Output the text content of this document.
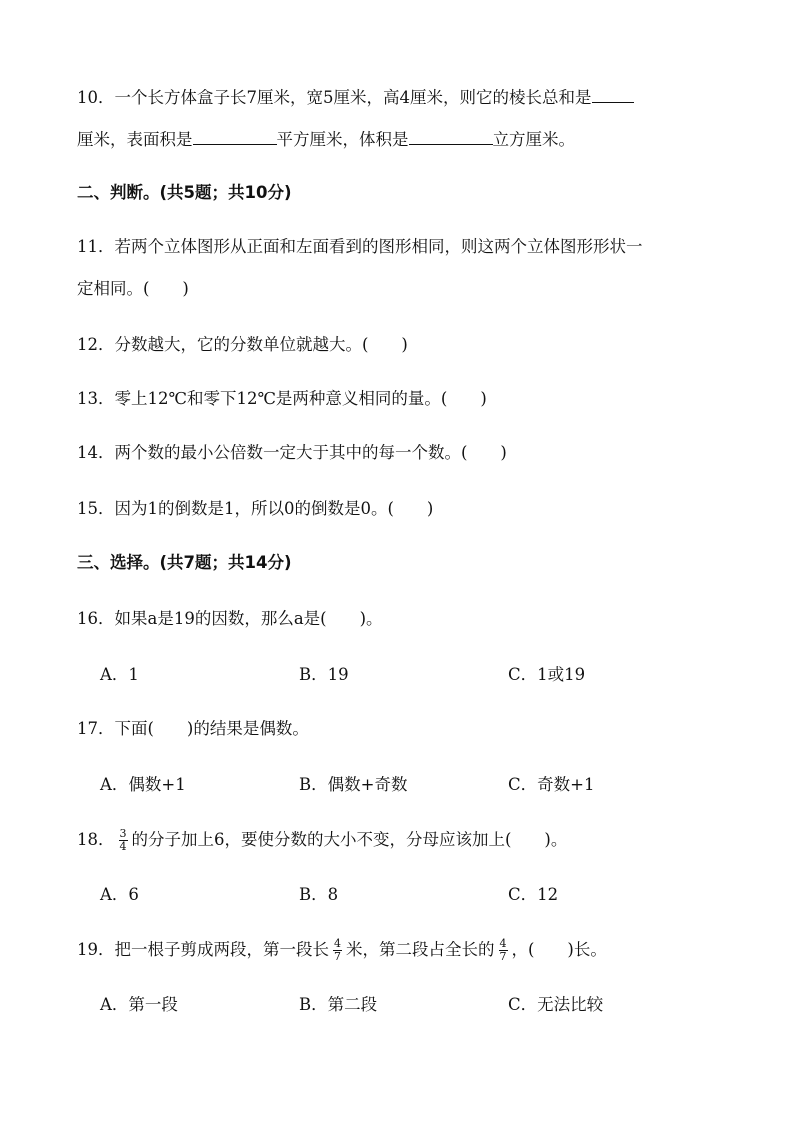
10．一个长方体盒子长7厘米，宽5厘米，高4厘米，则它的棱长总和是
厘米，表面积是	平方厘米，体积是	立方厘米。
二、判断。(共5题；共10分)
11．若两个立体图形从正面和左面看到的图形相同，则这两个立体图形形状一
定相同。(　　)
12．分数越大，它的分数单位就越大。(　　)
13．零上12℃和零下12℃是两种意义相同的量。(　　)
14．两个数的最小公倍数一定大于其中的每一个数。(　　)
15．因为1的倒数是1，所以0的倒数是0。(　　)
三、选择。(共7题；共14分)
16．如果a是19的因数，那么a是(　　)。
A．1	B．19	C．1或19
17．下面(　　)的结果是偶数。
A．偶数+1	B．偶数+奇数	C．奇数+1
18． $\frac{3}{4}$ 的分子加上6，要使分数的大小不变，分母应该加上(　　)。
A．6	B．8	C．12
19．把一根子剪成两段，第一段长 $\frac{4}{7}$ 米，第二段占全长的 $\frac{4}{7}$ ，(　　)长。
A．第一段	B．第二段	C．无法比较
